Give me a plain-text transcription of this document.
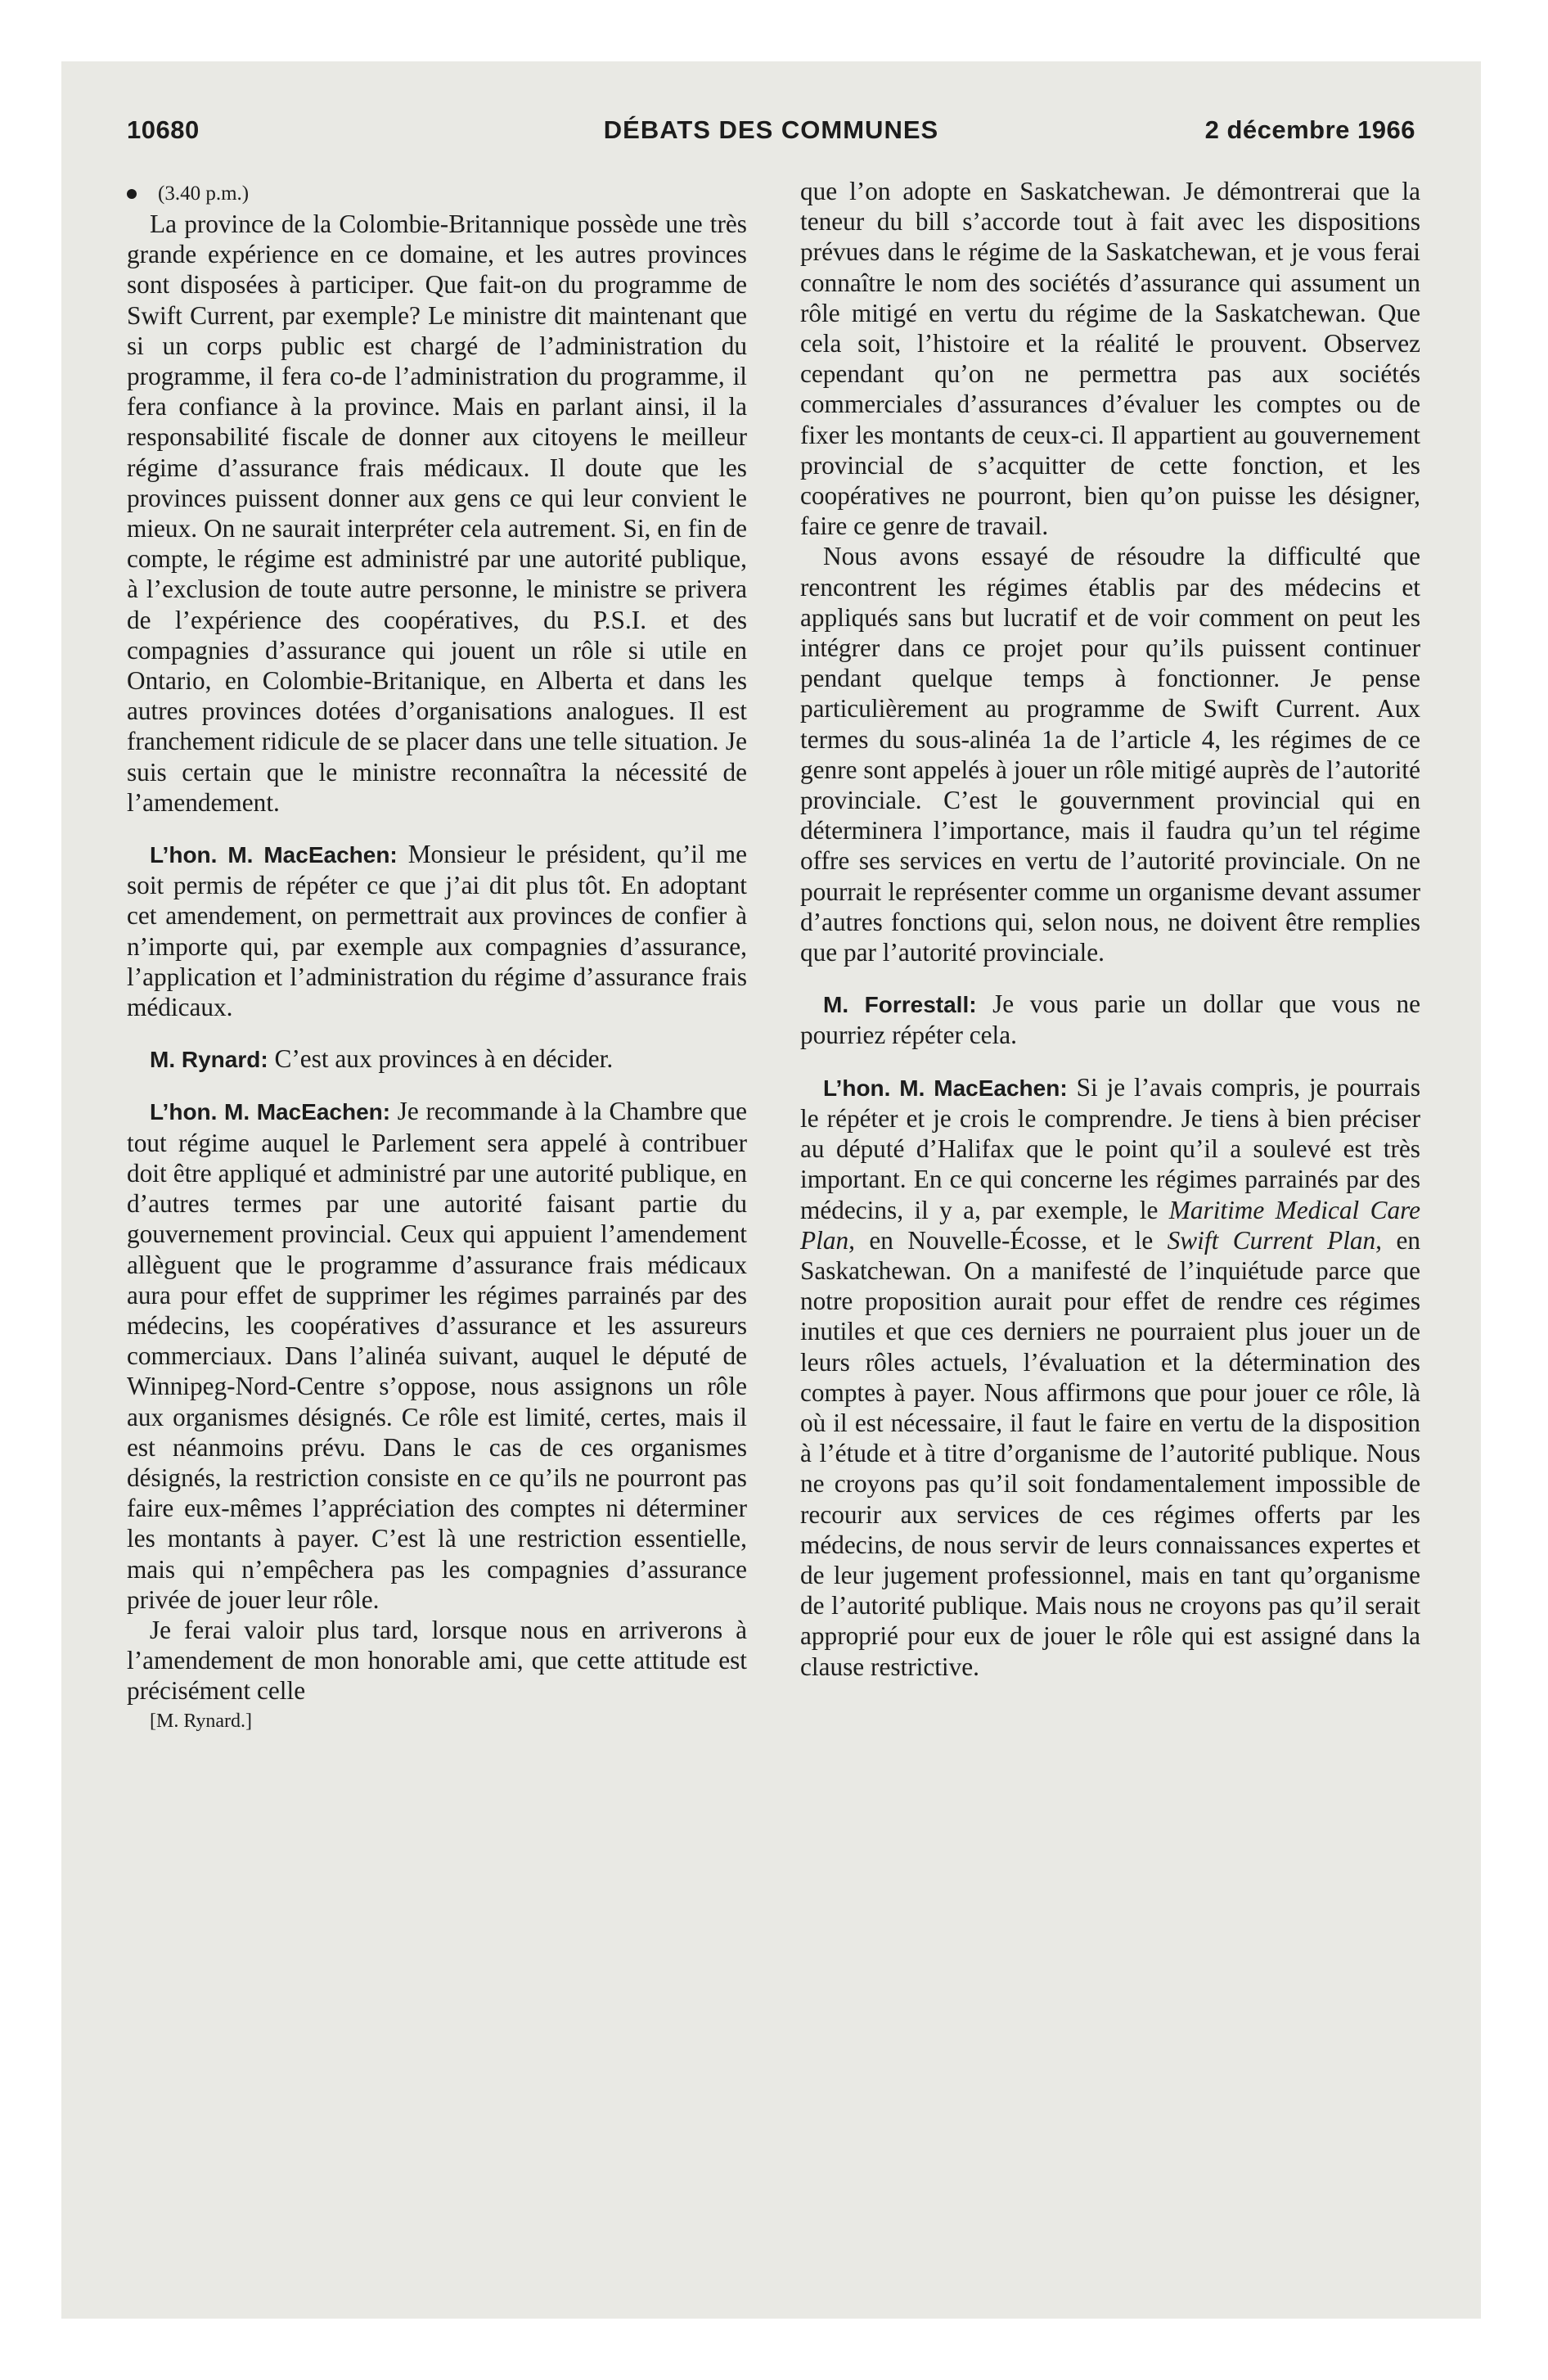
10680	DÉBATS DES COMMUNES	2 décembre 1966

(3.40 p.m.)

La province de la Colombie-Britannique possède une très grande expérience en ce domaine, et les autres provinces sont disposées à participer. Que fait-on du programme de Swift Current, par exemple? Le ministre dit maintenant que si un corps public est chargé de l’administration du programme, il fera co-de l’administration du programme, il fera confiance à la province. Mais en parlant ainsi, il la responsabilité fiscale de donner aux citoyens le meilleur régime d’assurance frais médicaux. Il doute que les provinces puissent donner aux gens ce qui leur convient le mieux. On ne saurait interpréter cela autrement. Si, en fin de compte, le régime est administré par une autorité publique, à l’exclusion de toute autre personne, le ministre se privera de l’expérience des coopératives, du P.S.I. et des compagnies d’assurance qui jouent un rôle si utile en Ontario, en Colombie-Britanique, en Alberta et dans les autres provinces dotées d’organisations analogues. Il est franchement ridicule de se placer dans une telle situation. Je suis certain que le ministre reconnaîtra la nécessité de l’amendement.

L’hon. M. MacEachen: Monsieur le président, qu’il me soit permis de répéter ce que j’ai dit plus tôt. En adoptant cet amendement, on permettrait aux provinces de confier à n’importe qui, par exemple aux compagnies d’assurance, l’application et l’administration du régime d’assurance frais médicaux.

M. Rynard: C’est aux provinces à en décider.

L’hon. M. MacEachen: Je recommande à la Chambre que tout régime auquel le Parlement sera appelé à contribuer doit être appliqué et administré par une autorité publique, en d’autres termes par une autorité faisant partie du gouvernement provincial. Ceux qui appuient l’amendement allèguent que le programme d’assurance frais médicaux aura pour effet de supprimer les régimes parrainés par des médecins, les coopératives d’assurance et les assureurs commerciaux. Dans l’alinéa suivant, auquel le député de Winnipeg-Nord-Centre s’oppose, nous assignons un rôle aux organismes désignés. Ce rôle est limité, certes, mais il est néanmoins prévu. Dans le cas de ces organismes désignés, la restriction consiste en ce qu’ils ne pourront pas faire eux-mêmes l’appréciation des comptes ni déterminer les montants à payer. C’est là une restriction essentielle, mais qui n’empêchera pas les compagnies d’assurance privée de jouer leur rôle.

Je ferai valoir plus tard, lorsque nous en arriverons à l’amendement de mon honorable ami, que cette attitude est précisément celle

[M. Rynard.]

que l’on adopte en Saskatchewan. Je démontrerai que la teneur du bill s’accorde tout à fait avec les dispositions prévues dans le régime de la Saskatchewan, et je vous ferai connaître le nom des sociétés d’assurance qui assument un rôle mitigé en vertu du régime de la Saskatchewan. Que cela soit, l’histoire et la réalité le prouvent. Observez cependant qu’on ne permettra pas aux sociétés commerciales d’assurances d’évaluer les comptes ou de fixer les montants de ceux-ci. Il appartient au gouvernement provincial de s’acquitter de cette fonction, et les coopératives ne pourront, bien qu’on puisse les désigner, faire ce genre de travail.

Nous avons essayé de résoudre la difficulté que rencontrent les régimes établis par des médecins et appliqués sans but lucratif et de voir comment on peut les intégrer dans ce projet pour qu’ils puissent continuer pendant quelque temps à fonctionner. Je pense particulièrement au programme de Swift Current. Aux termes du sous-alinéa 1a de l’article 4, les régimes de ce genre sont appelés à jouer un rôle mitigé auprès de l’autorité provinciale. C’est le gouvernment provincial qui en déterminera l’importance, mais il faudra qu’un tel régime offre ses services en vertu de l’autorité provinciale. On ne pourrait le représenter comme un organisme devant assumer d’autres fonctions qui, selon nous, ne doivent être remplies que par l’autorité provinciale.

M. Forrestall: Je vous parie un dollar que vous ne pourriez répéter cela.

L’hon. M. MacEachen: Si je l’avais compris, je pourrais le répéter et je crois le comprendre. Je tiens à bien préciser au député d’Halifax que le point qu’il a soulevé est très important. En ce qui concerne les régimes parrainés par des médecins, il y a, par exemple, le Maritime Medical Care Plan, en Nouvelle-Écosse, et le Swift Current Plan, en Saskatchewan. On a manifesté de l’inquiétude parce que notre proposition aurait pour effet de rendre ces régimes inutiles et que ces derniers ne pourraient plus jouer un de leurs rôles actuels, l’évaluation et la détermination des comptes à payer. Nous affirmons que pour jouer ce rôle, là où il est nécessaire, il faut le faire en vertu de la disposition à l’étude et à titre d’organisme de l’autorité publique. Nous ne croyons pas qu’il soit fondamentalement impossible de recourir aux services de ces régimes offerts par les médecins, de nous servir de leurs connaissances expertes et de leur jugement professionnel, mais en tant qu’organisme de l’autorité publique. Mais nous ne croyons pas qu’il serait approprié pour eux de jouer le rôle qui est assigné dans la clause restrictive.
